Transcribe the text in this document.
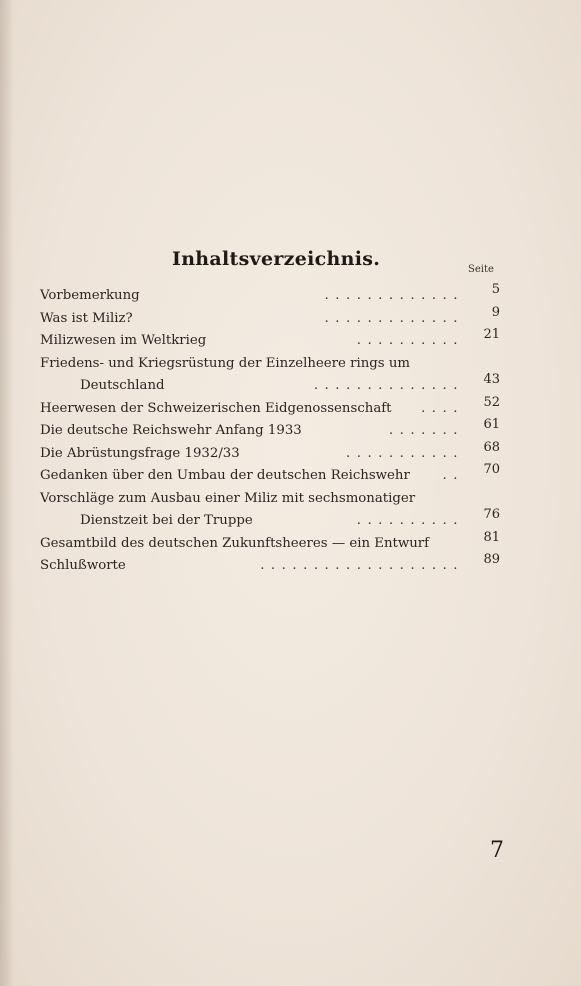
Inhaltsverzeichnis.	Seite
Vorbemerkung	.............	5
Was ist Miliz?	.............	9
Milizwesen im Weltkrieg	..........	21
Friedens- und Kriegsrüstung der Einzelheere rings um
Deutschland	..............	43
Heerwesen der Schweizerischen Eidgenossenschaft ....	52
Die deutsche Reichswehr Anfang 1933	.......	61
Die Abrüstungsfrage 1932/33	...........	68
Gedanken über den Umbau der deutschen Reichswehr ..	70
Vorschläge zum Ausbau einer Miliz mit sechsmonatiger
Dienstzeit bei der Truppe	..........	76
Gesamtbild des deutschen Zukunftsheeres — ein Entwurf	81
Schlußworte	...................	89
7
